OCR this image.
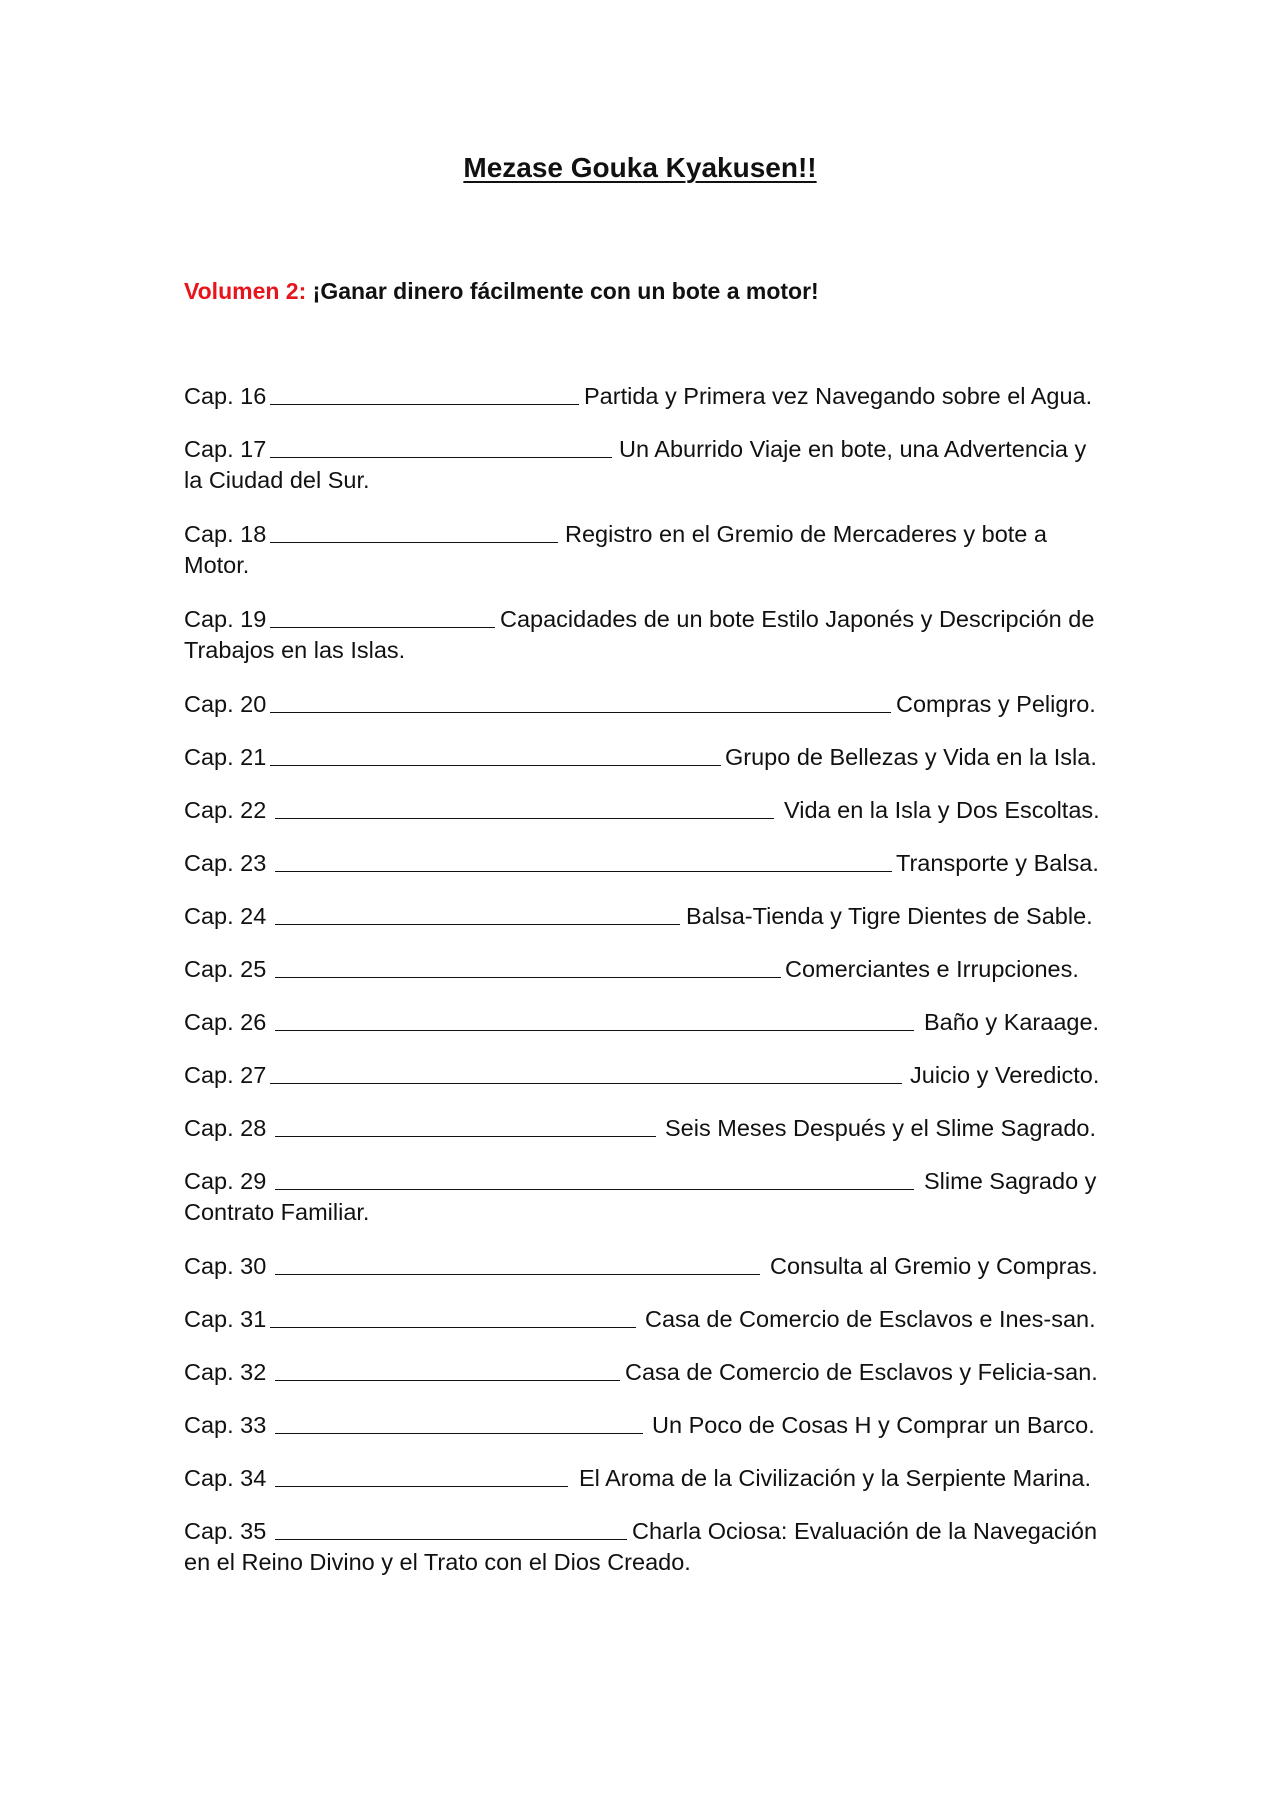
Mezase Gouka Kyakusen!!
Volumen 2: ¡Ganar dinero fácilmente con un bote a motor!
Cap. 16	Partida y Primera vez Navegando sobre el Agua.
Cap. 17	Un Aburrido Viaje en bote, una Advertencia y
la Ciudad del Sur.
Cap. 18	Registro en el Gremio de Mercaderes y bote a
Motor.
Cap. 19	Capacidades de un bote Estilo Japonés y Descripción de
Trabajos en las Islas.
Cap. 20	Compras y Peligro.
Cap. 21	Grupo de Bellezas y Vida en la Isla.
Cap. 22	Vida en la Isla y Dos Escoltas.
Cap. 23	Transporte y Balsa.
Cap. 24	Balsa-Tienda y Tigre Dientes de Sable.
Cap. 25	Comerciantes e Irrupciones.
Cap. 26	Baño y Karaage.
Cap. 27	Juicio y Veredicto.
Cap. 28	Seis Meses Después y el Slime Sagrado.
Cap. 29	Slime Sagrado y
Contrato Familiar.
Cap. 30	Consulta al Gremio y Compras.
Cap. 31	Casa de Comercio de Esclavos e Ines-san.
Cap. 32	Casa de Comercio de Esclavos y Felicia-san.
Cap. 33	Un Poco de Cosas H y Comprar un Barco.
Cap. 34	El Aroma de la Civilización y la Serpiente Marina.
Cap. 35	Charla Ociosa: Evaluación de la Navegación
en el Reino Divino y el Trato con el Dios Creado.
